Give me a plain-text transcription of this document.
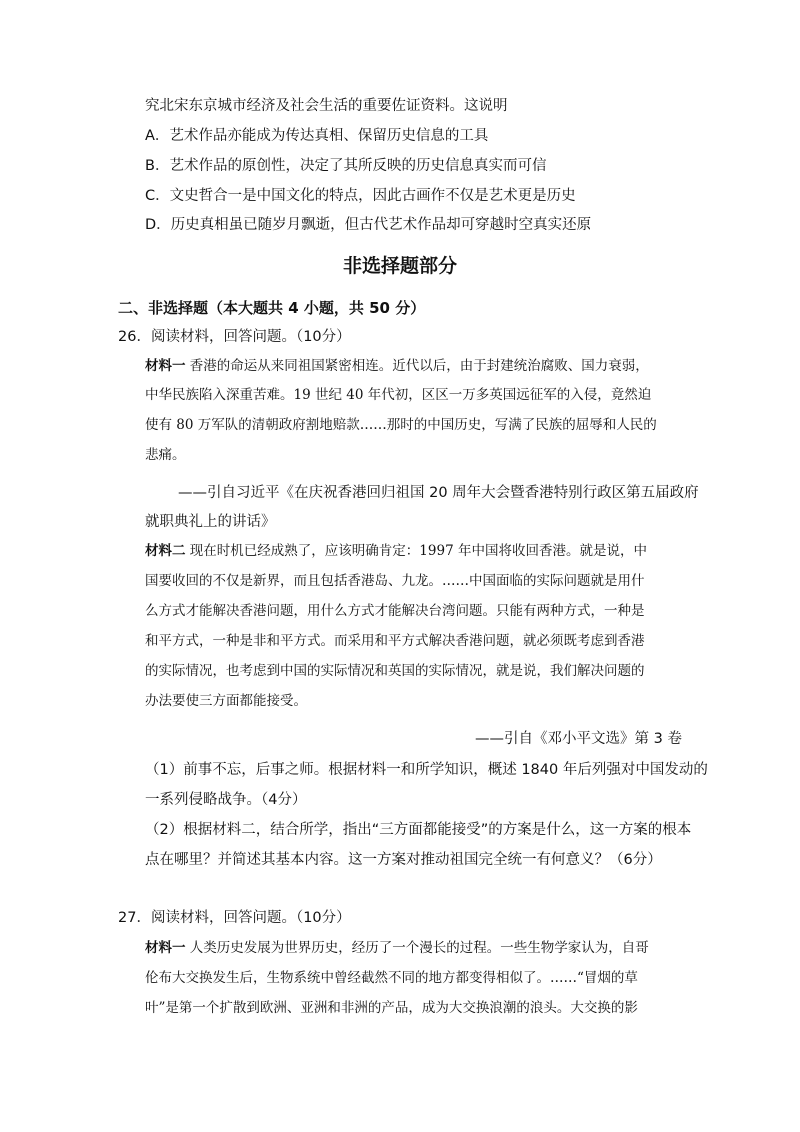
究北宋东京城市经济及社会生活的重要佐证资料。这说明
A．艺术作品亦能成为传达真相、保留历史信息的工具
B．艺术作品的原创性，决定了其所反映的历史信息真实而可信
C．文史哲合一是中国文化的特点，因此古画作不仅是艺术更是历史
D．历史真相虽已随岁月飘逝，但古代艺术作品却可穿越时空真实还原
非选择题部分
二、非选择题（本大题共 4 小题，共 50 分）
26．阅读材料，回答问题。（10分）
材料一 香港的命运从来同祖国紧密相连。近代以后，由于封建统治腐败、国力衰弱，
中华民族陷入深重苦难。19 世纪 40 年代初，区区一万多英国远征军的入侵，竟然迫
使有 80 万军队的清朝政府割地赔款……那时的中国历史，写满了民族的屈辱和人民的
悲痛。
——引自习近平《在庆祝香港回归祖国 20 周年大会暨香港特别行政区第五届政府
就职典礼上的讲话》
材料二 现在时机已经成熟了，应该明确肯定：1997 年中国将收回香港。就是说，中
国要收回的不仅是新界，而且包括香港岛、九龙。……中国面临的实际问题就是用什
么方式才能解决香港问题，用什么方式才能解决台湾问题。只能有两种方式，一种是
和平方式，一种是非和平方式。而采用和平方式解决香港问题，就必须既考虑到香港
的实际情况，也考虑到中国的实际情况和英国的实际情况，就是说，我们解决问题的
办法要使三方面都能接受。
——引自《邓小平文选》第 3 卷
（1）前事不忘，后事之师。根据材料一和所学知识，概述 1840 年后列强对中国发动的
一系列侵略战争。（4分）
（2）根据材料二，结合所学，指出“三方面都能接受”的方案是什么，这一方案的根本
点在哪里？并简述其基本内容。这一方案对推动祖国完全统一有何意义？（6分）
27．阅读材料，回答问题。（10分）
材料一 人类历史发展为世界历史，经历了一个漫长的过程。一些生物学家认为，自哥
伦布大交换发生后，生物系统中曾经截然不同的地方都变得相似了。……“冒烟的草
叶”是第一个扩散到欧洲、亚洲和非洲的产品，成为大交换浪潮的浪头。大交换的影
